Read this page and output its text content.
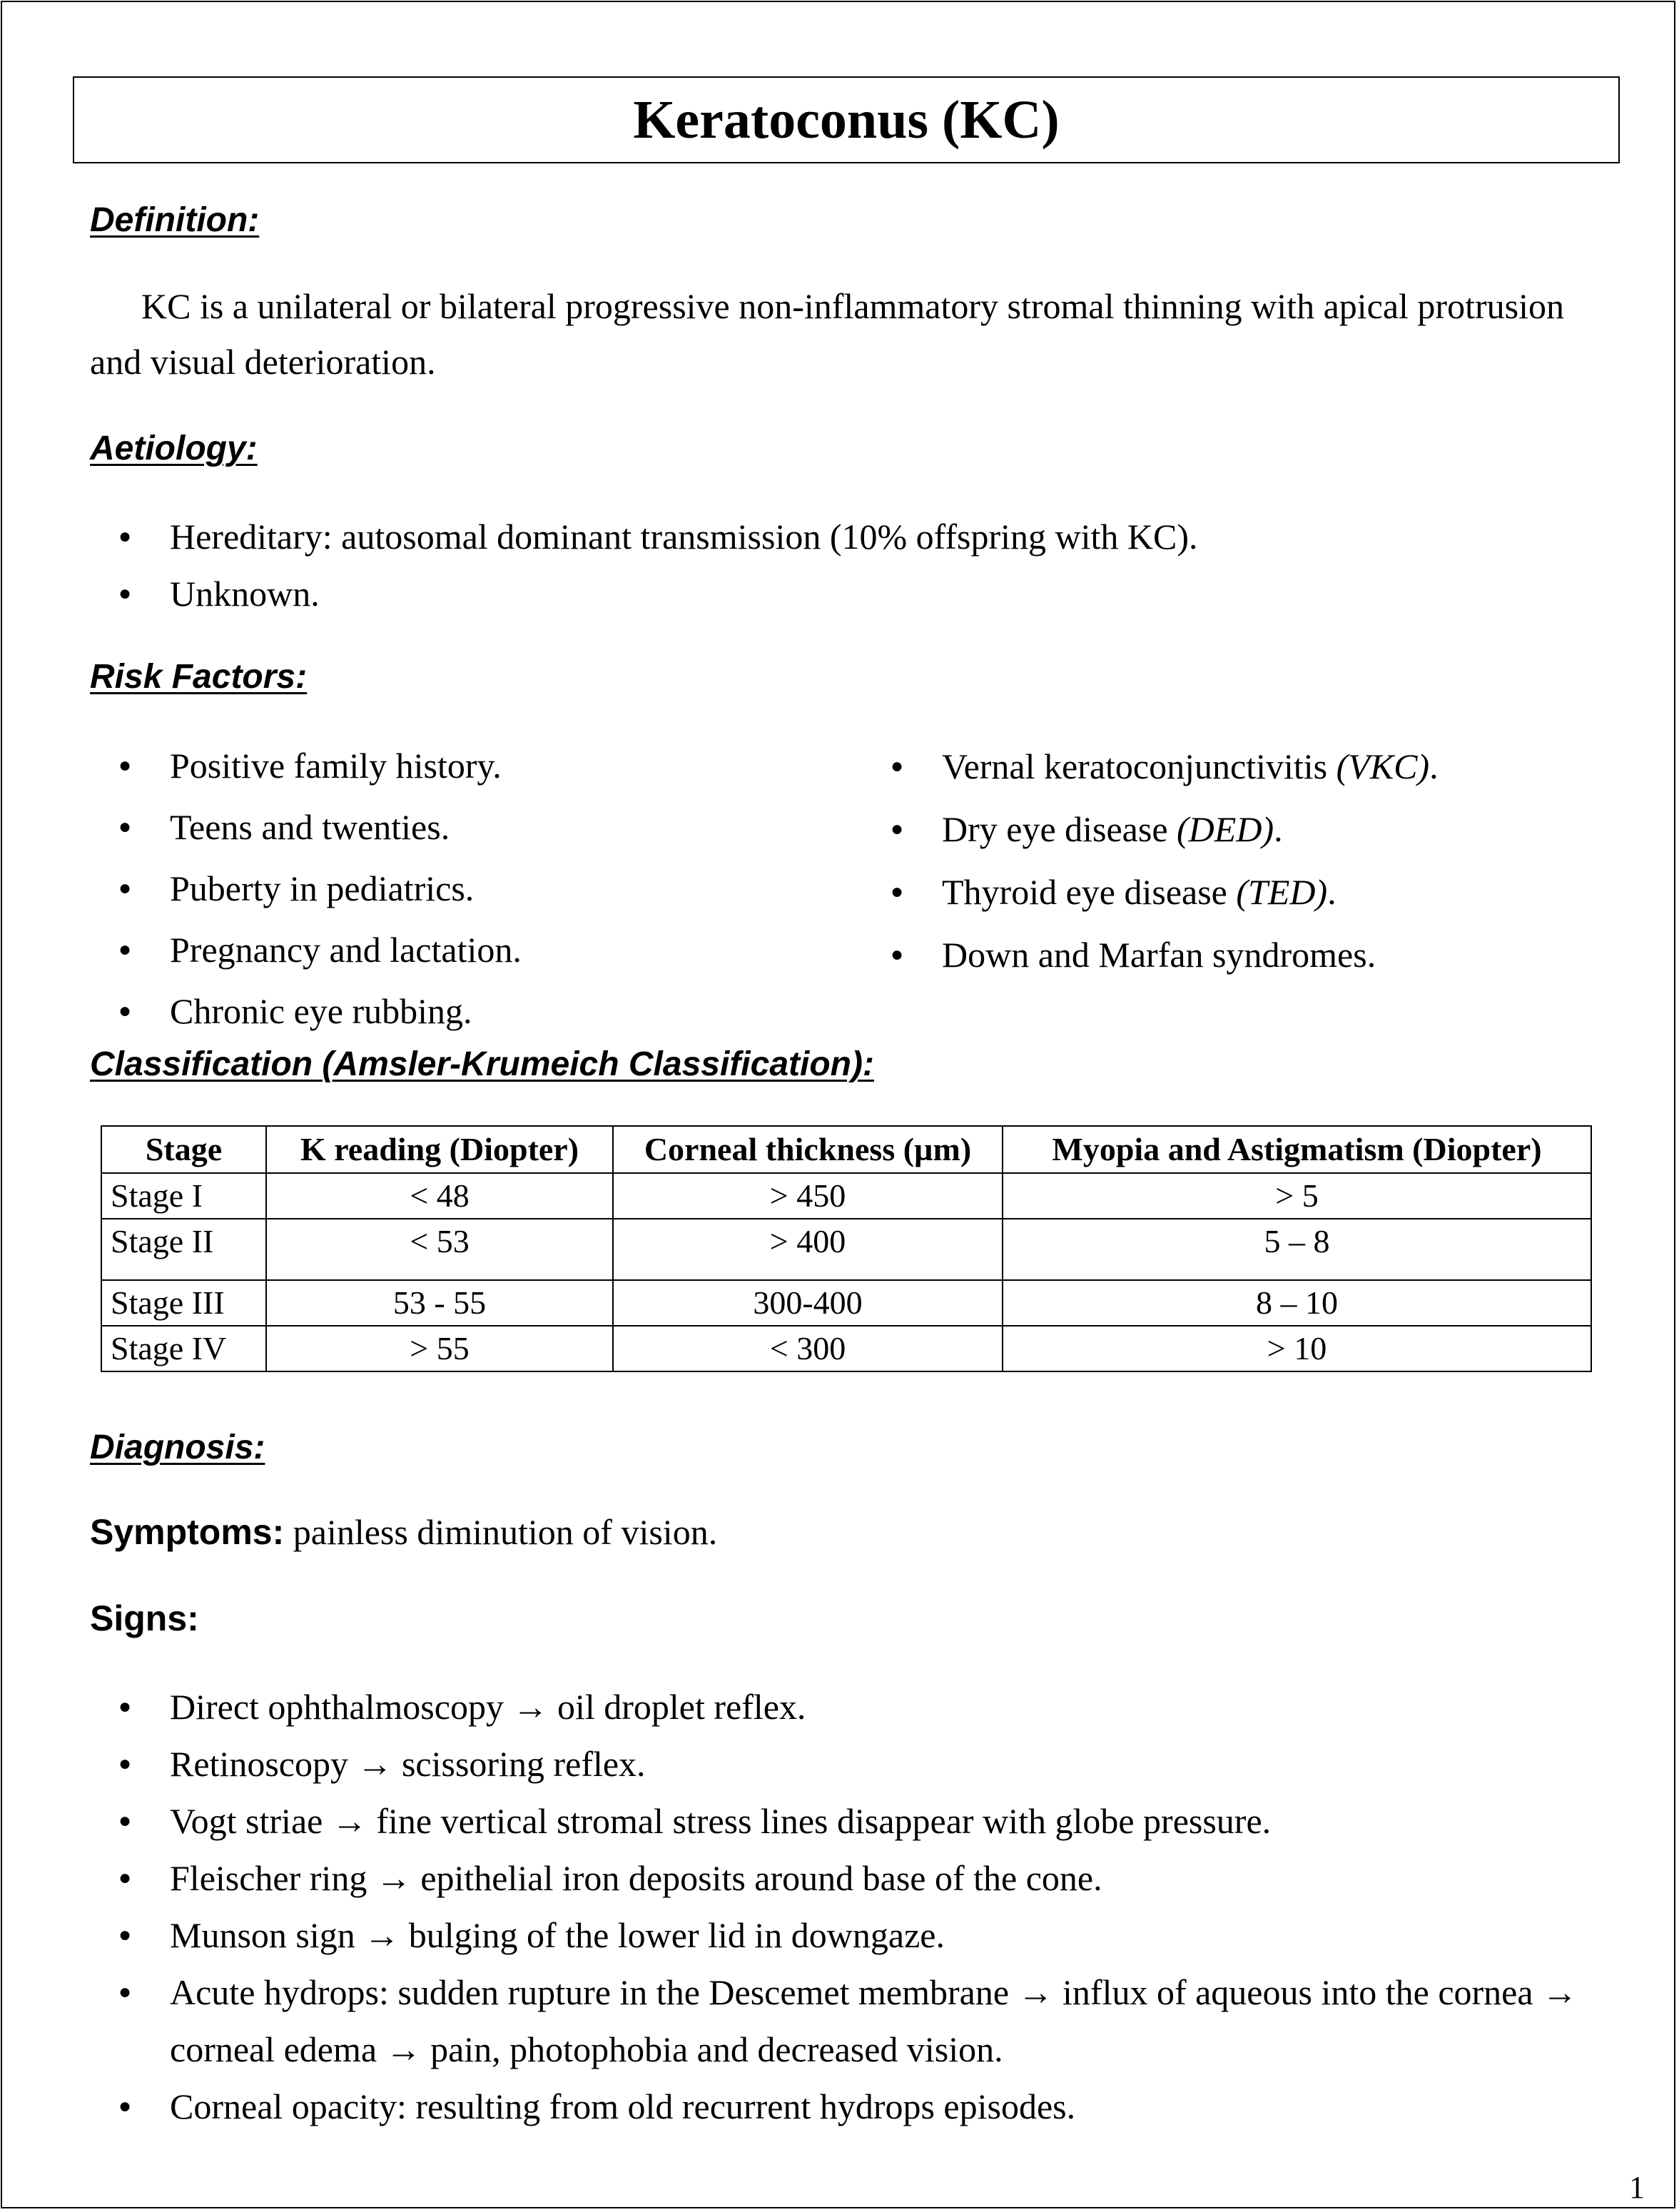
Keratoconus (KC)
Definition:

KC is a unilateral or bilateral progressive non-inflammatory stromal thinning with apical protrusion and visual deterioration.

Aetiology:
● Hereditary: autosomal dominant transmission (10% offspring with KC).
● Unknown.
Risk Factors:
● Positive family history.
● Teens and twenties.
● Puberty in pediatrics.
● Pregnancy and lactation.
● Chronic eye rubbing.
● Vernal keratoconjunctivitis (VKC).
● Dry eye disease (DED).
● Thyroid eye disease (TED).
● Down and Marfan syndromes.
Classification (Amsler-Krumeich Classification):
Stage	K reading (Diopter)	Corneal thickness (µm)	Myopia and Astigmatism (Diopter)
Stage I	< 48	> 450	> 5
Stage II	< 53	> 400	5 – 8
Stage III	53 - 55	300-400	8 – 10
Stage IV	> 55	< 300	> 10
Diagnosis:

Symptoms: painless diminution of vision.

Signs:

● Direct ophthalmoscopy → oil droplet reflex.
● Retinoscopy → scissoring reflex.
● Vogt striae → fine vertical stromal stress lines disappear with globe pressure.
● Fleischer ring → epithelial iron deposits around base of the cone.
● Munson sign → bulging of the lower lid in downgaze.
● Acute hydrops: sudden rupture in the Descemet membrane → influx of aqueous into the cornea → corneal edema → pain, photophobia and decreased vision.
● Corneal opacity: resulting from old recurrent hydrops episodes.
1
